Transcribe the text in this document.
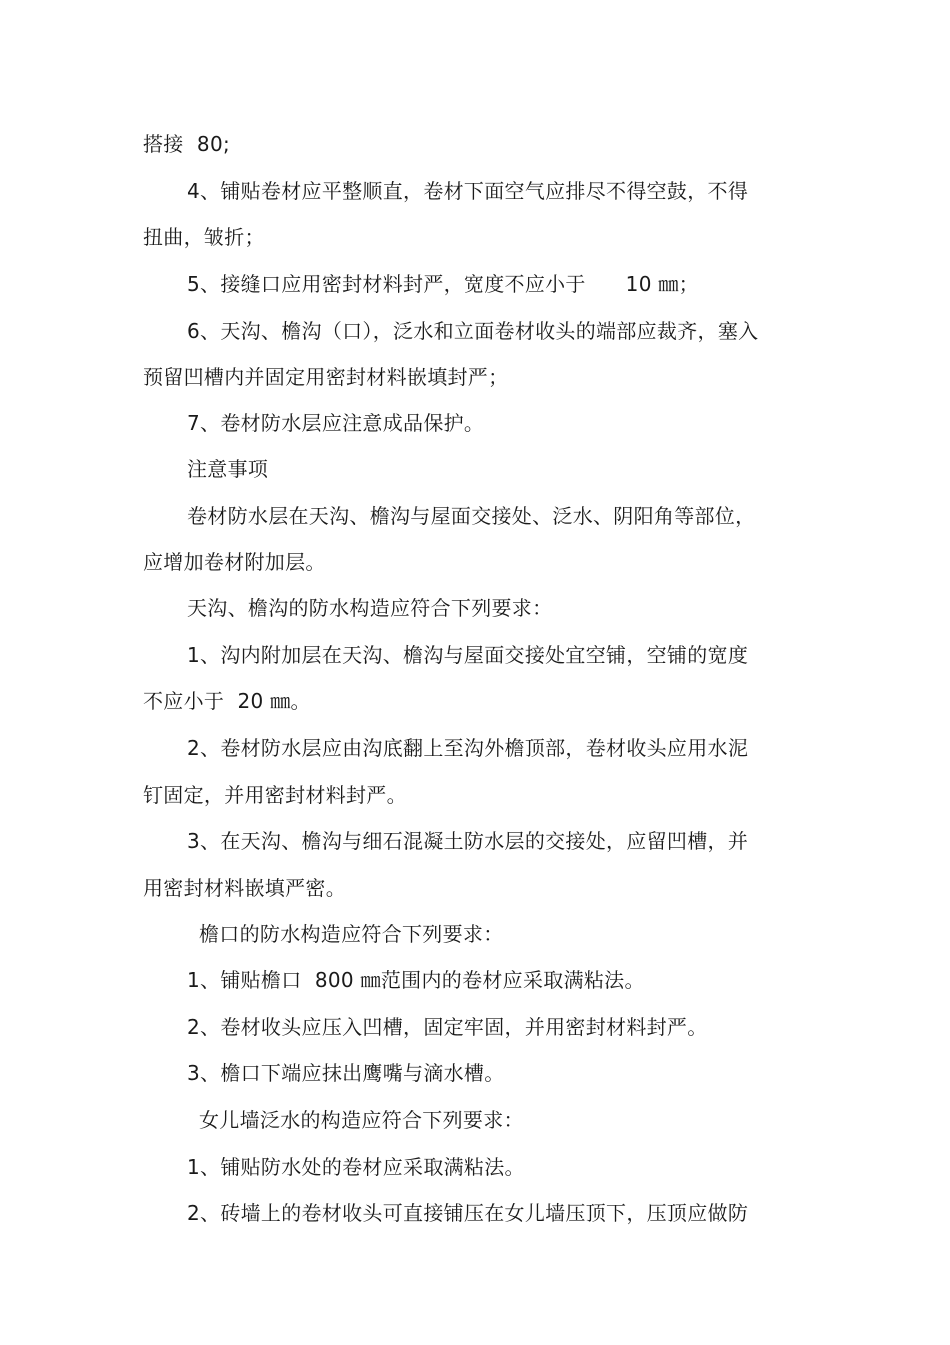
搭接  80;
4、铺贴卷材应平整顺直，卷材下面空气应排尽不得空鼓，不得
扭曲，皱折；
5、接缝口应用密封材料封严，宽度不应小于      10 ㎜；
6、天沟、檐沟（口），泛水和立面卷材收头的端部应裁齐，塞入
预留凹槽内并固定用密封材料嵌填封严；
7、卷材防水层应注意成品保护。
注意事项
卷材防水层在天沟、檐沟与屋面交接处、泛水、阴阳角等部位，
应增加卷材附加层。
天沟、檐沟的防水构造应符合下列要求：
1、沟内附加层在天沟、檐沟与屋面交接处宜空铺，空铺的宽度
不应小于  20 ㎜。
2、卷材防水层应由沟底翻上至沟外檐顶部，卷材收头应用水泥
钉固定，并用密封材料封严。
3、在天沟、檐沟与细石混凝土防水层的交接处，应留凹槽，并
用密封材料嵌填严密。
檐口的防水构造应符合下列要求：
1、铺贴檐口  800 ㎜范围内的卷材应采取满粘法。
2、卷材收头应压入凹槽，固定牢固，并用密封材料封严。
3、檐口下端应抹出鹰嘴与滴水槽。
女儿墙泛水的构造应符合下列要求：
1、铺贴防水处的卷材应采取满粘法。
2、砖墙上的卷材收头可直接铺压在女儿墙压顶下，压顶应做防
